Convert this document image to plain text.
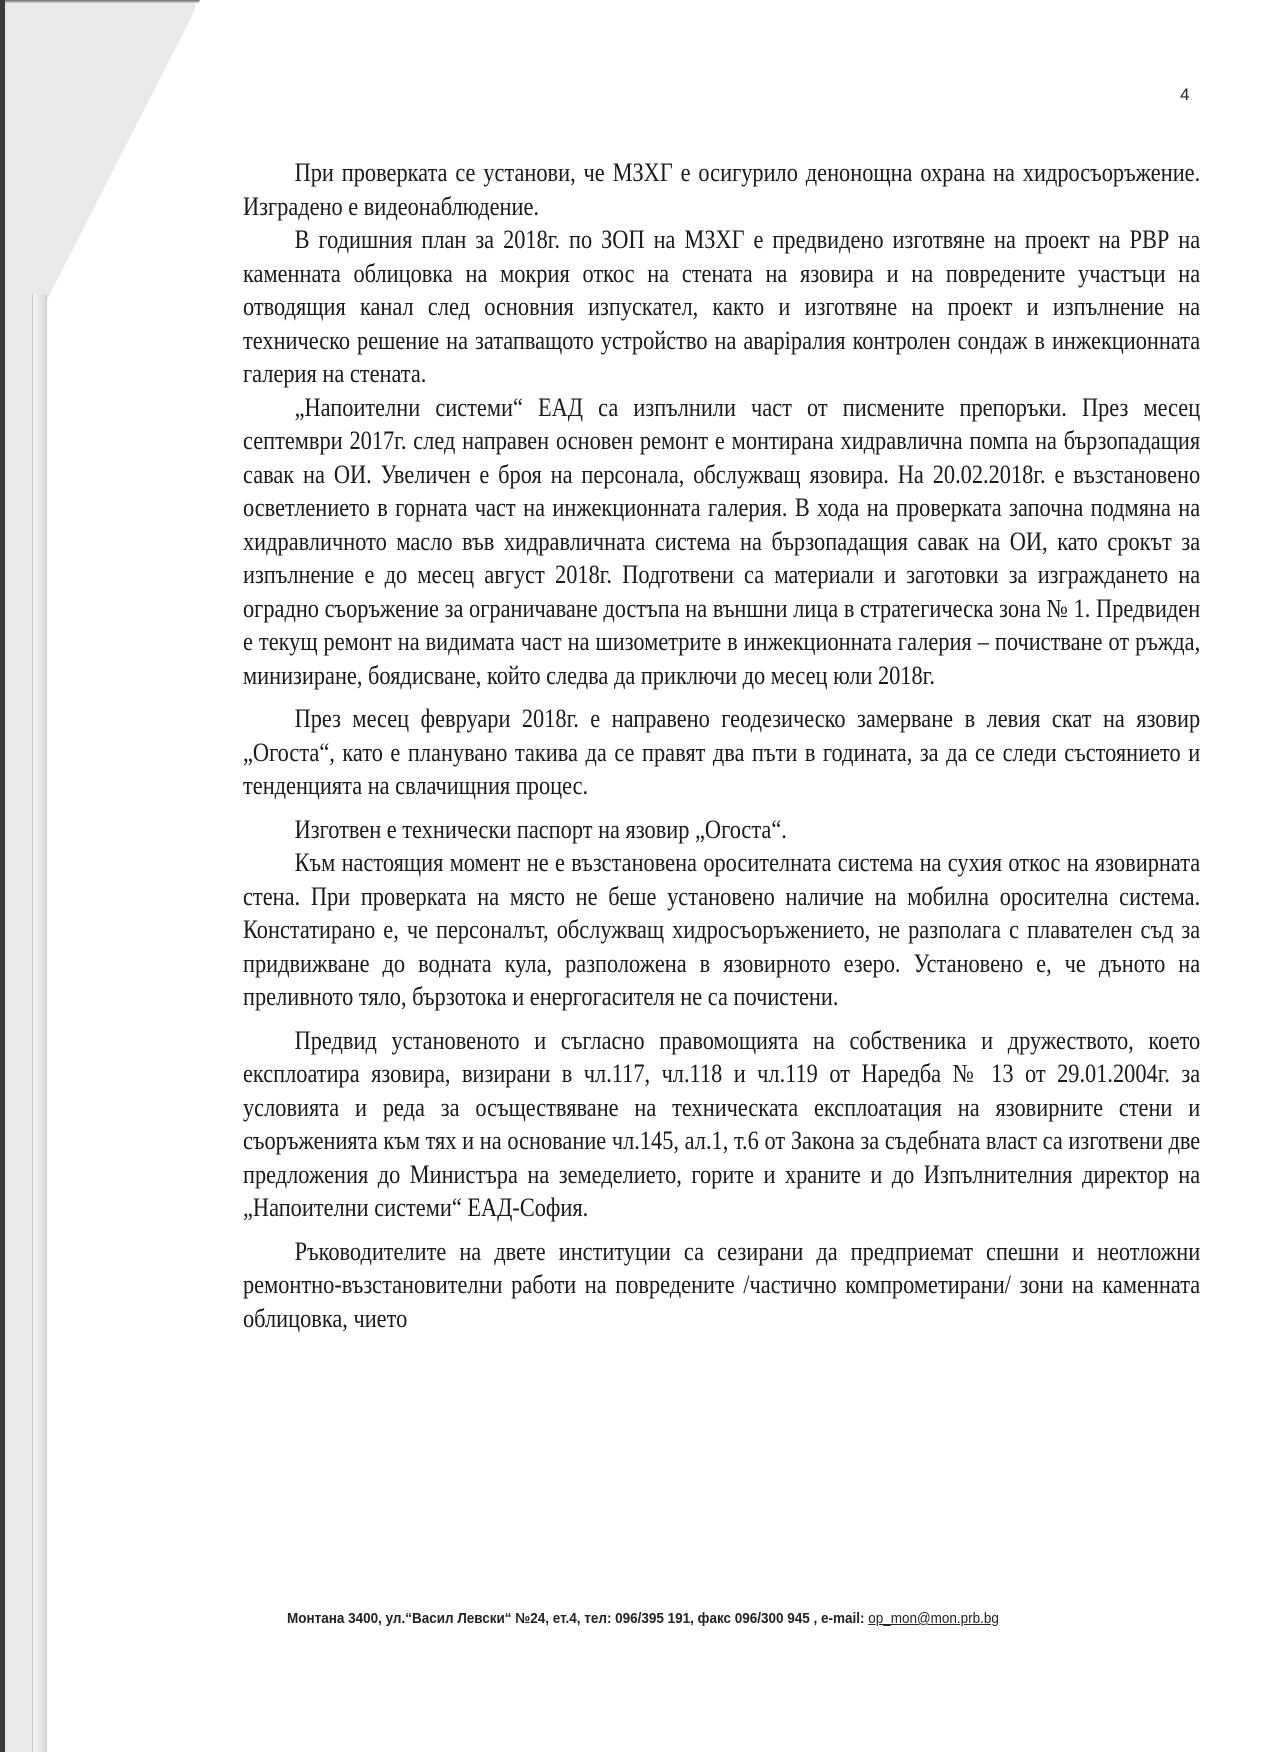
4

При проверката се установи, че МЗХГ е осигурило денонощна охрана на хидросъоръжение. Изградено е видеонаблюдение.

В годишния план за 2018г. по ЗОП на МЗХГ е предвидено изготвяне на проект на РВР на каменната облицовка на мокрия откос на стената на язовира и на повредените участъци на отводящия канал след основния изпускател, както и изготвяне на проект и изпълнение на техническо решение на затапващото устройство на аварiралия контролен сондаж в инжекционната галерия на стената.

„Напоителни системи“ ЕАД са изпълнили част от писмените препоръки. През месец септември 2017г. след направен основен ремонт е монтирана хидравлична помпа на бързопадащия савак на ОИ. Увеличен е броя на персонала, обслужващ язовира. На 20.02.2018г. е възстановено осветлението в горната част на инжекционната галерия. В хода на проверката започна подмяна на хидравличното масло във хидравличната система на бързопадащия савак на ОИ, като срокът за изпълнение е до месец август 2018г. Подготвени са материали и заготовки за изграждането на оградно съоръжение за ограничаване достъпа на външни лица в стратегическа зона № 1. Предвиден е текущ ремонт на видимата част на шизометрите в инжекционната галерия – почистване от ръжда, минизиране, боядисване, който следва да приключи до месец юли 2018г.

През месец февруари 2018г. е направено геодезическо замерване в левия скат на язовир „Огоста“, като е планувано такива да се правят два пъти в годината, за да се следи състоянието и тенденцията на свлачищния процес.

Изготвен е технически паспорт на язовир „Огоста“.

Към настоящия момент не е възстановена оросителната система на сухия откос на язовирната стена. При проверката на място не беше установено наличие на мобилна оросителна система. Констатирано е, че персоналът, обслужващ хидросъоръжението, не разполага с плавателен съд за придвижване до водната кула, разположена в язовирното езеро. Установено е, че дъното на преливното тяло, бързотока и енергогасителя не са почистени.

Предвид установеното и съгласно правомощията на собственика и дружеството, което експлоатира язовира, визирани в чл.117, чл.118 и чл.119 от Наредба № 13 от 29.01.2004г. за условията и реда за осъществяване на техническата експлоатация на язовирните стени и съоръженията към тях и на основание чл.145, ал.1, т.6 от Закона за съдебната власт са изготвени две предложения до Министъра на земеделието, горите и храните и до Изпълнителния директор на „Напоителни системи“ ЕАД-София.

Ръководителите на двете институции са сезирани да предприемат спешни и неотложни ремонтно-възстановителни работи на повредените /частично компрометирани/ зони на каменната облицовка, чието

Монтана 3400, ул.“Васил Левски“ №24, ет.4, тел: 096/395 191, факс 096/300 945 , e-mail: op_mon@mon.prb.bg
